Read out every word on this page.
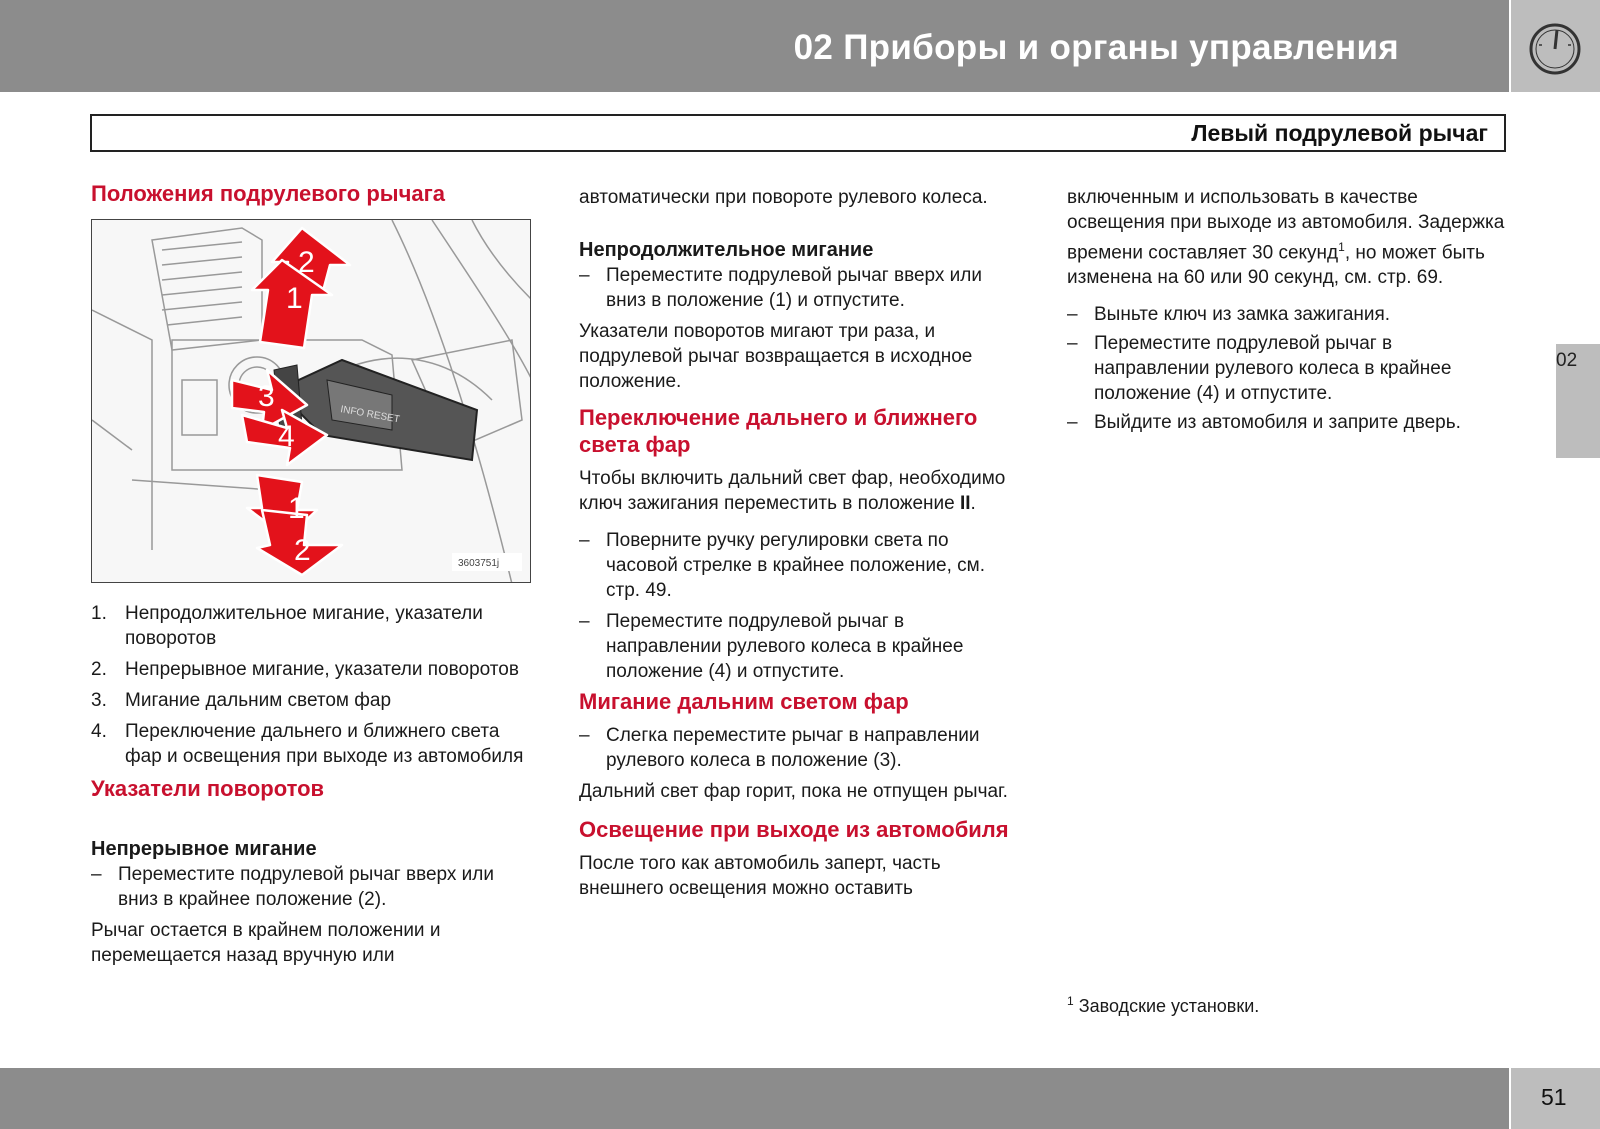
02 Приборы и органы управления
Левый подрулевой рычаг
Положения подрулевого рычага
INFO RESET
2
1
3
4
1
2	3603751j
1. Непродолжительное мигание, указатели поворотов
2. Непрерывное мигание, указатели поворотов
3. Мигание дальним светом фар
4. Переключение дальнего и ближнего света фар и освещения при выходе из автомобиля
Указатели поворотов
Непрерывное мигание

– Переместите подрулевой рычаг вверх или вниз в крайнее положение (2).

Рычаг остается в крайнем положении и перемещается назад вручную или

автоматически при повороте рулевого колеса.

Непродолжительное мигание

– Переместите подрулевой рычаг вверх или вниз в положение (1) и отпустите.

Указатели поворотов мигают три раза, и подрулевой рычаг возвращается в исходное положение.

Переключение дальнего и ближнего света фар

Чтобы включить дальний свет фар, необходимо ключ зажигания переместить в положение II.

– Поверните ручку регулировки света по часовой стрелке в крайнее положение, см. стр. 49.

– Переместите подрулевой рычаг в направлении рулевого колеса в крайнее положение (4) и отпустите.

Мигание дальним светом фар

– Слегка переместите рычаг в направлении рулевого колеса в положение (3).

Дальний свет фар горит, пока не отпущен рычаг.

Освещение при выходе из автомобиля

После того как автомобиль заперт, часть внешнего освещения можно оставить

включенным и использовать в качестве освещения при выходе из автомобиля. Задержка времени составляет 30 секунд$^1$, но может быть изменена на 60 или 90 секунд, см. стр. 69.

– Выньте ключ из замка зажигания.

– Переместите подрулевой рычаг в направлении рулевого колеса в крайнее положение (4) и отпустите.

– Выйдите из автомобиля и заприте дверь.

$^1$ Заводские установки.
02
51
